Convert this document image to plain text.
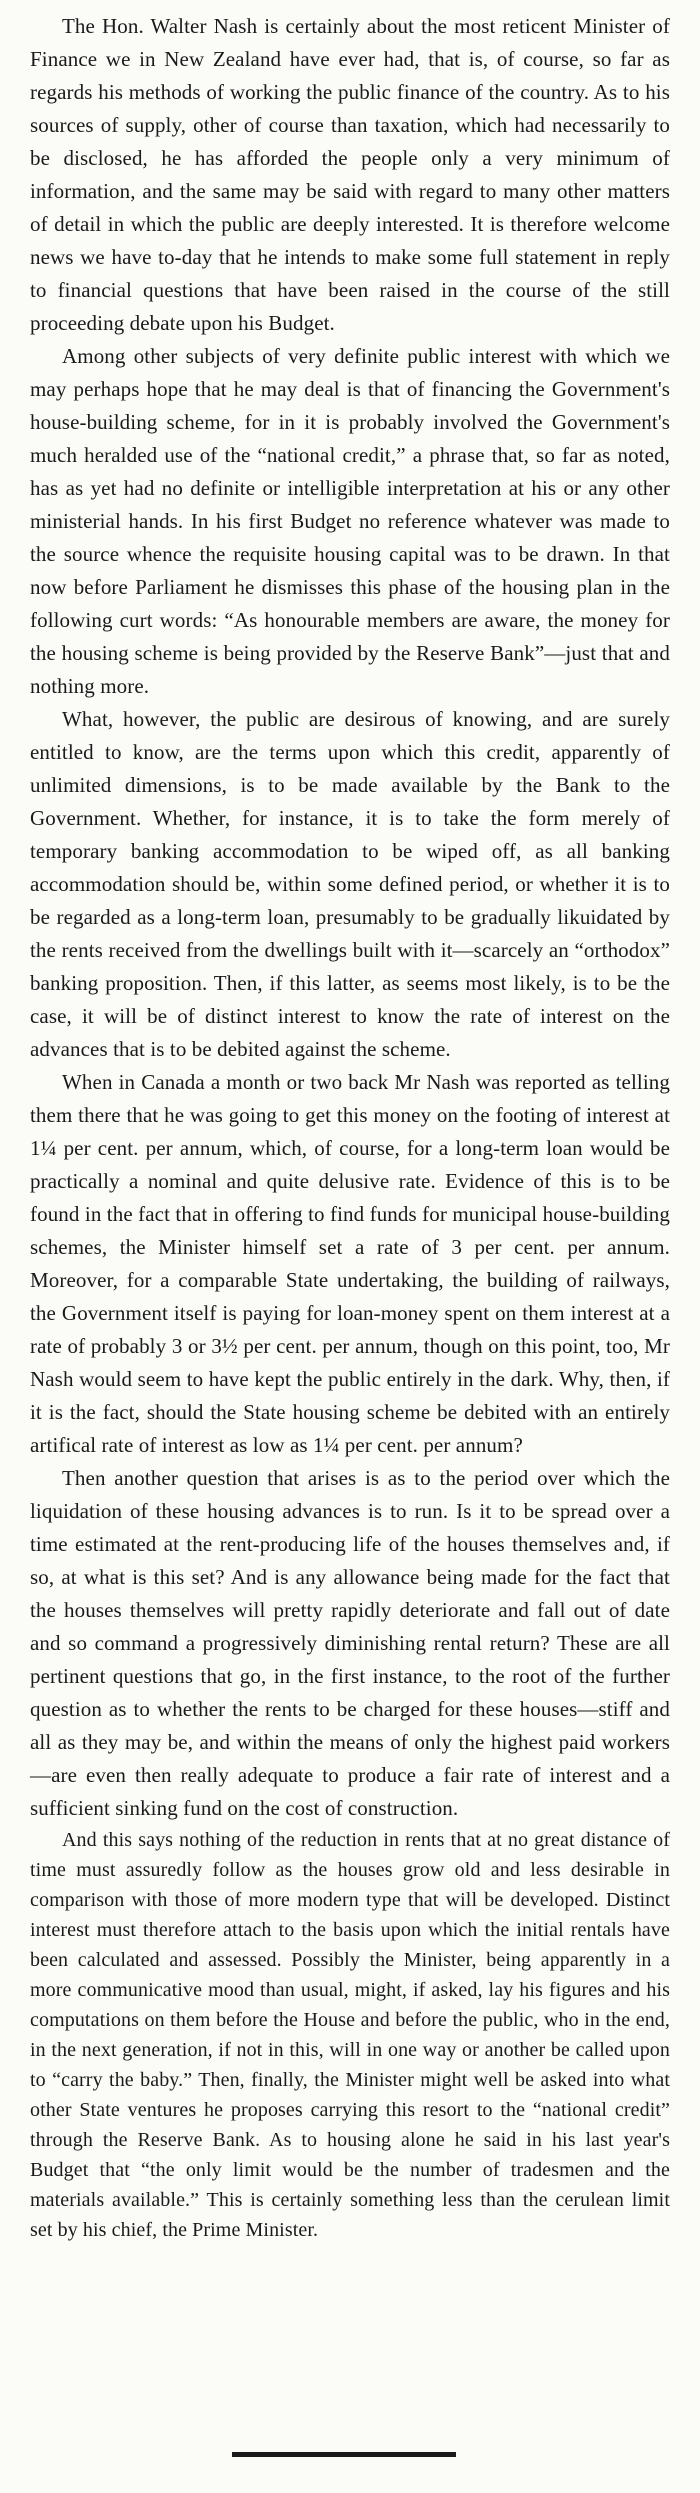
The Hon. Walter Nash is certainly about the most reticent Minister of Finance we in New Zealand have ever had, that is, of course, so far as regards his methods of working the public finance of the country. As to his sources of supply, other of course than taxation, which had necessarily to be disclosed, he has afforded the people only a very minimum of information, and the same may be said with regard to many other matters of detail in which the public are deeply interested. It is therefore welcome news we have to-day that he intends to make some full statement in reply to financial questions that have been raised in the course of the still proceeding debate upon his Budget.

Among other subjects of very definite public interest with which we may perhaps hope that he may deal is that of financing the Government's house-building scheme, for in it is probably involved the Government's much heralded use of the “national credit,” a phrase that, so far as noted, has as yet had no definite or intelligible interpretation at his or any other ministerial hands. In his first Budget no reference whatever was made to the source whence the requisite housing capital was to be drawn. In that now before Parliament he dismisses this phase of the housing plan in the following curt words: “As honourable members are aware, the money for the housing scheme is being provided by the Reserve Bank”—just that and nothing more.

What, however, the public are desirous of knowing, and are surely entitled to know, are the terms upon which this credit, apparently of unlimited dimensions, is to be made available by the Bank to the Government. Whether, for instance, it is to take the form merely of temporary banking accommodation to be wiped off, as all banking accommodation should be, within some defined period, or whether it is to be regarded as a long-term loan, presumably to be gradually likuidated by the rents received from the dwellings built with it—scarcely an “orthodox” banking proposition. Then, if this latter, as seems most likely, is to be the case, it will be of distinct interest to know the rate of interest on the advances that is to be debited against the scheme.

When in Canada a month or two back Mr Nash was reported as telling them there that he was going to get this money on the footing of interest at 1¼ per cent. per annum, which, of course, for a long-term loan would be practically a nominal and quite delusive rate. Evidence of this is to be found in the fact that in offering to find funds for municipal house-building schemes, the Minister himself set a rate of 3 per cent. per annum. Moreover, for a comparable State undertaking, the building of railways, the Government itself is paying for loan-money spent on them interest at a rate of probably 3 or 3½ per cent. per annum, though on this point, too, Mr Nash would seem to have kept the public entirely in the dark. Why, then, if it is the fact, should the State housing scheme be debited with an entirely artifical rate of interest as low as 1¼ per cent. per annum?

Then another question that arises is as to the period over which the liquidation of these housing advances is to run. Is it to be spread over a time estimated at the rent-producing life of the houses themselves and, if so, at what is this set? And is any allowance being made for the fact that the houses themselves will pretty rapidly deteriorate and fall out of date and so command a progressively diminishing rental return? These are all pertinent questions that go, in the first instance, to the root of the further question as to whether the rents to be charged for these houses—stiff and all as they may be, and within the means of only the highest paid workers—are even then really adequate to produce a fair rate of interest and a sufficient sinking fund on the cost of construction.

And this says nothing of the reduction in rents that at no great distance of time must assuredly follow as the houses grow old and less desirable in comparison with those of more modern type that will be developed. Distinct interest must therefore attach to the basis upon which the initial rentals have been calculated and assessed. Possibly the Minister, being apparently in a more communicative mood than usual, might, if asked, lay his figures and his computations on them before the House and before the public, who in the end, in the next generation, if not in this, will in one way or another be called upon to “carry the baby.” Then, finally, the Minister might well be asked into what other State ventures he proposes carrying this resort to the “national credit” through the Reserve Bank. As to housing alone he said in his last year's Budget that “the only limit would be the number of tradesmen and the materials available.” This is certainly something less than the cerulean limit set by his chief, the Prime Minister.
